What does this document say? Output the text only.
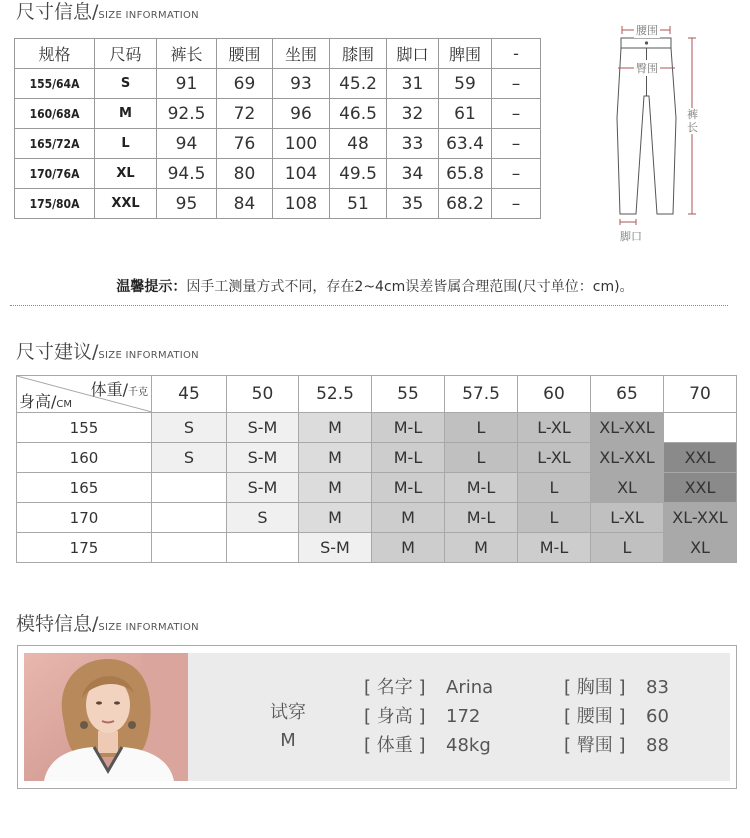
尺寸信息/SIZE INFORMATION
规格	尺码	裤长	腰围	坐围	膝围	脚口	脾围	-
155/64A	S	91	69	93	45.2	31	59	–
160/68A	M	92.5	72	96	46.5	32	61	–
165/72A	L	94	76	100	48	33	63.4	–
170/76A	XL	94.5	80	104	49.5	34	65.8	–
175/80A	XXL	95	84	108	51	35	68.2	–
腰围
臀围
裤长
脚口
温馨提示：因手工测量方式不同，存在2~4cm误差皆属合理范围(尺寸单位：cm)。
尺寸建议/SIZE INFORMATION
体重/千克
身高/CM	45	50	52.5	55	57.5	60	65	70
155	S	S-M	M	M-L	L	L-XL	XL-XXL	
160	S	S-M	M	M-L	L	L-XL	XL-XXL	XXL
165		S-M	M	M-L	M-L	L	XL	XXL
170		S	M	M	M-L	L	L-XL	XL-XXL
175			S-M	M	M	M-L	L	XL
模特信息/SIZE INFORMATION
试穿
M
[ 名字 ] Arina
[ 身高 ] 172
[ 体重 ] 48kg
[ 胸围 ] 83
[ 腰围 ] 60
[ 臀围 ] 88
